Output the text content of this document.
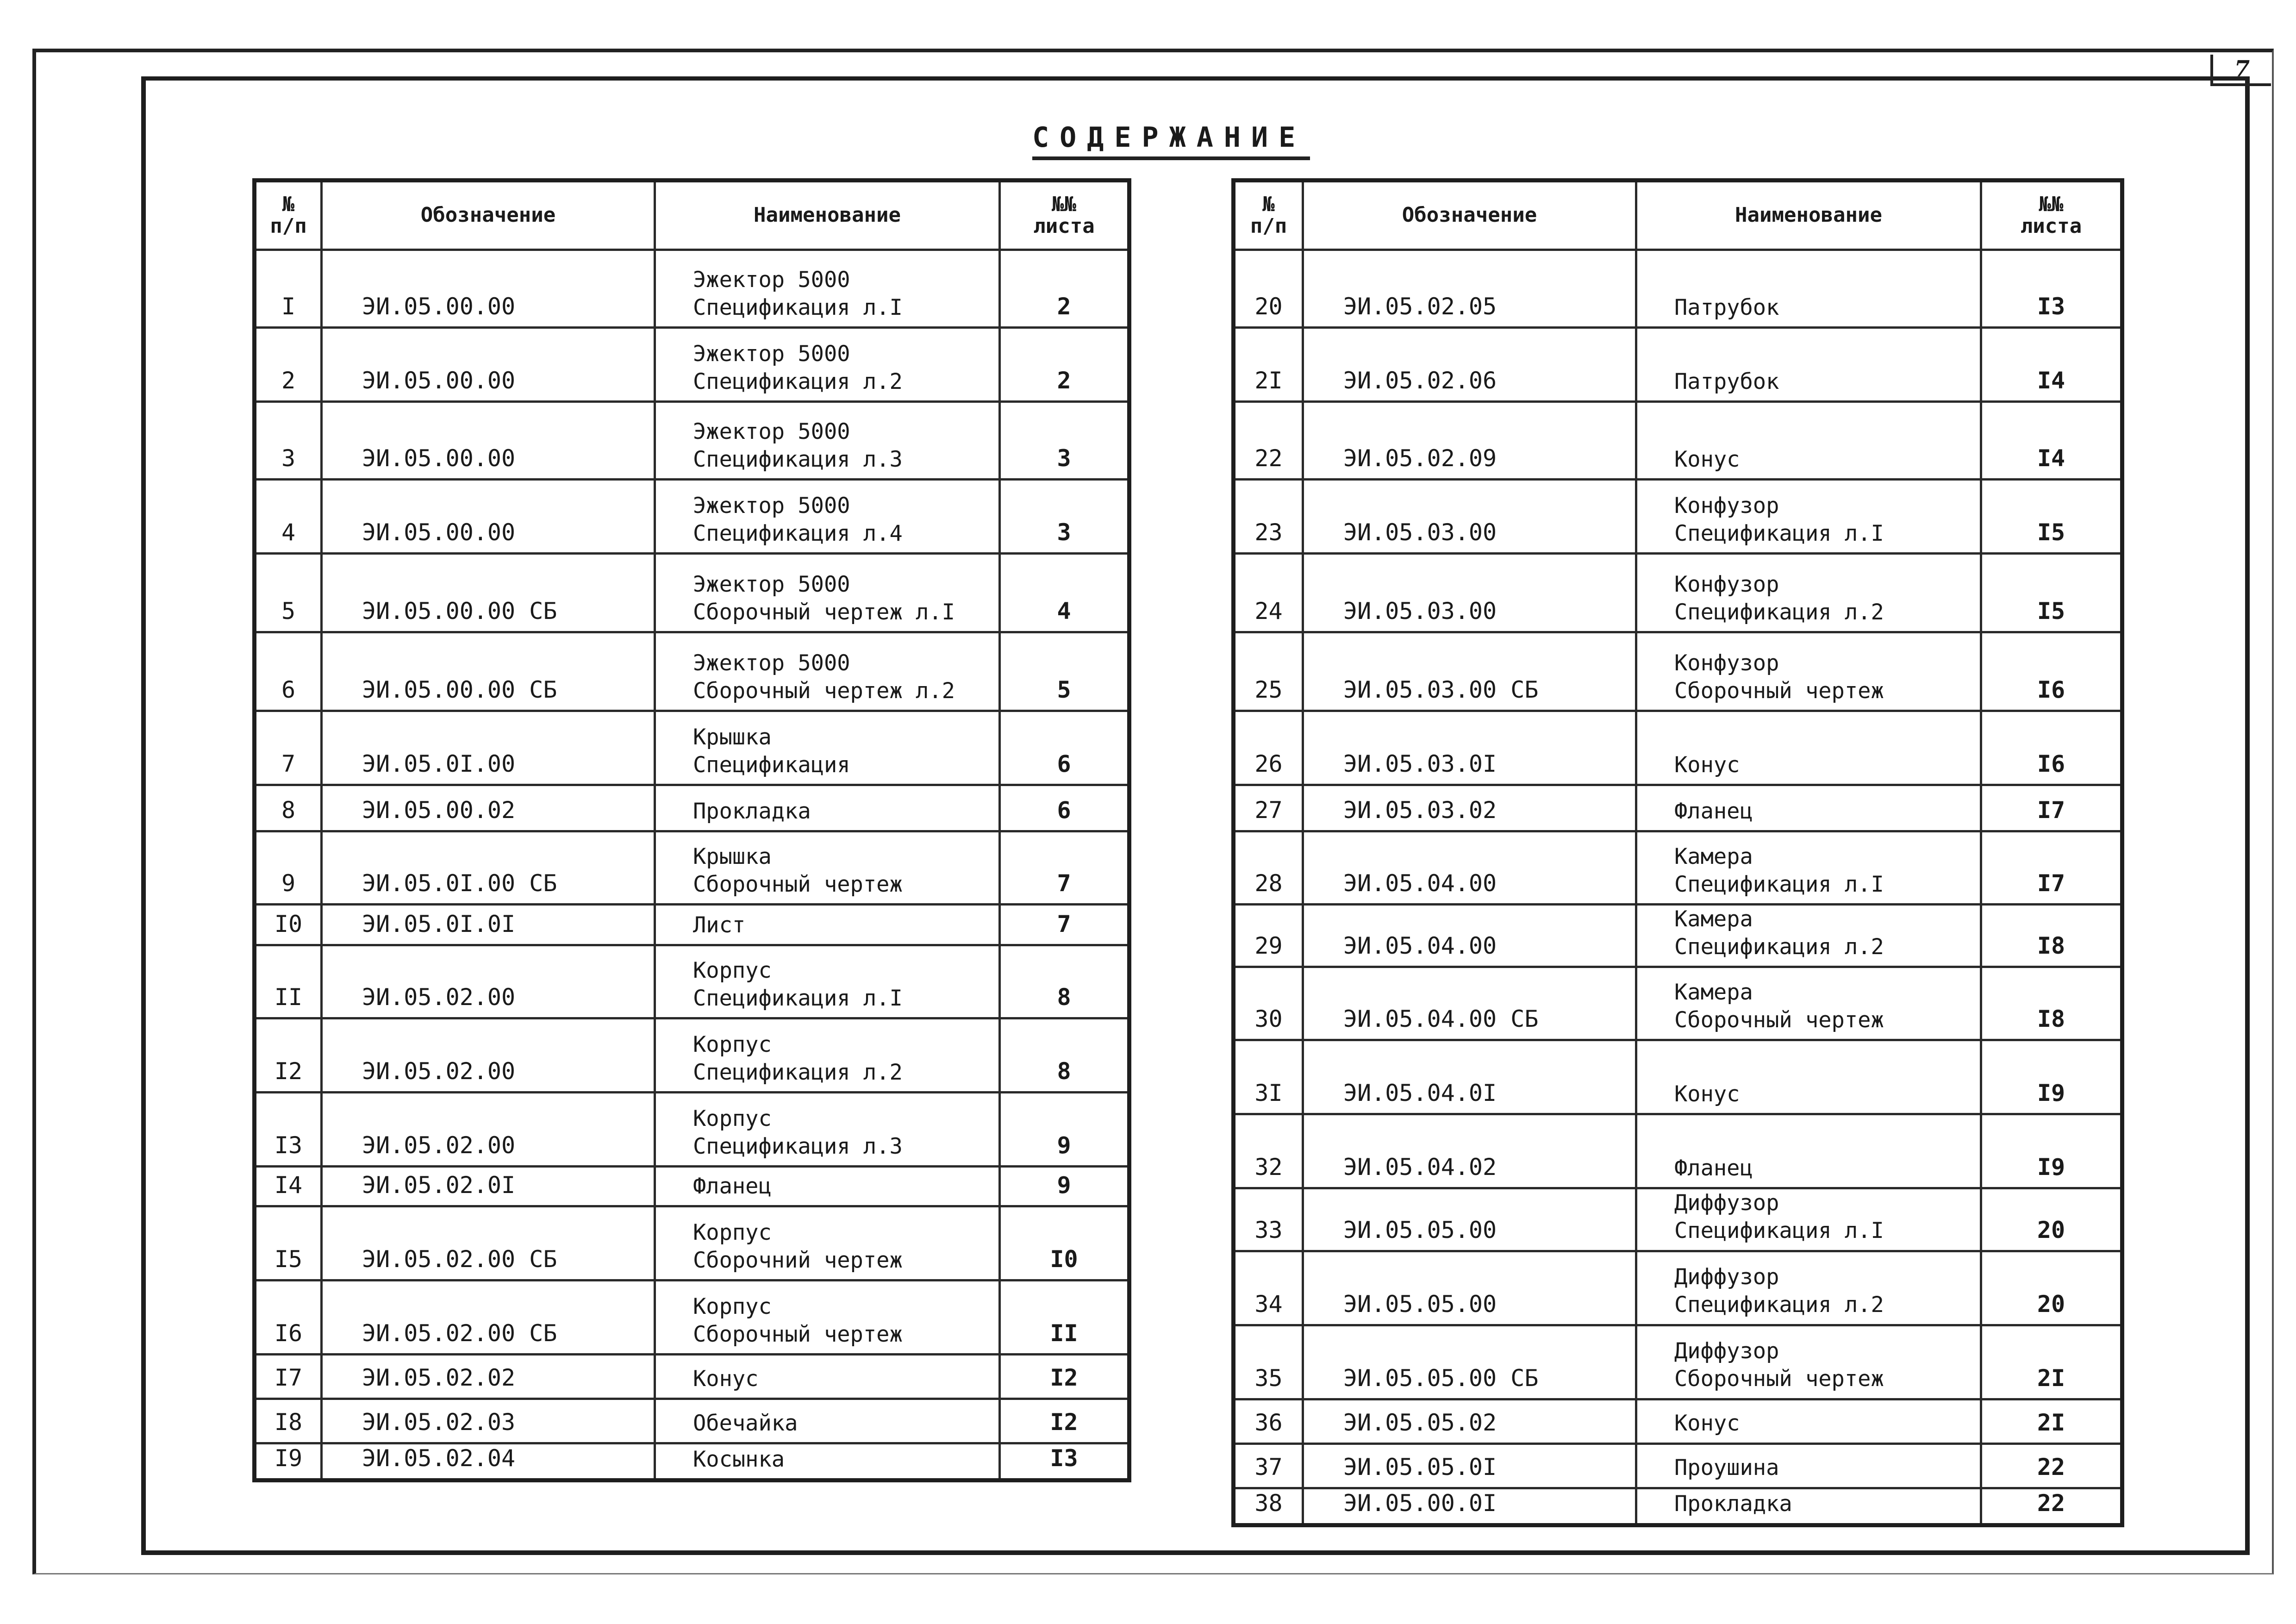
7
СОДЕРЖАНИЕ
№
п/п	Обозначение	Наименование	№№
листа

I	ЭИ.05.00.00	Эжектор 5000
Спецификация л.I	2
2	ЭИ.05.00.00	Эжектор 5000
Спецификация л.2	2
3	ЭИ.05.00.00	Эжектор 5000
Спецификация л.3	3
4	ЭИ.05.00.00	Эжектор 5000
Спецификация л.4	3
5	ЭИ.05.00.00 СБ	Эжектор 5000
Сборочный чертеж л.I	4
6	ЭИ.05.00.00 СБ	Эжектор 5000
Сборочный чертеж л.2	5
7	ЭИ.05.0I.00	Крышка
Спецификация	6
8	ЭИ.05.00.02	Прокладка	6
9	ЭИ.05.0I.00 СБ	Крышка
Сборочный чертеж	7
I0	ЭИ.05.0I.0I	Лист	7
II	ЭИ.05.02.00	Корпус
Спецификация л.I	8
I2	ЭИ.05.02.00	Корпус
Спецификация л.2	8
I3	ЭИ.05.02.00	Корпус
Спецификация л.3	9
I4	ЭИ.05.02.0I	Фланец	9
I5	ЭИ.05.02.00 СБ	Корпус
Сборочний чертеж	I0
I6	ЭИ.05.02.00 СБ	Корпус
Сборочный чертеж	II
I7	ЭИ.05.02.02	Конус	I2
I8	ЭИ.05.02.03	Обечайка	I2
I9	ЭИ.05.02.04	Косынка	I3
№
п/п	Обозначение	Наименование	№№
листа

20	ЭИ.05.02.05	Патрубок	I3
2I	ЭИ.05.02.06	Патрубок	I4
22	ЭИ.05.02.09	Конус	I4
23	ЭИ.05.03.00	Конфузор
Спецификация л.I	I5
24	ЭИ.05.03.00	Конфузор
Спецификация л.2	I5
25	ЭИ.05.03.00 СБ	Конфузор
Сборочный чертеж	I6
26	ЭИ.05.03.0I	Конус	I6
27	ЭИ.05.03.02	Фланец	I7
28	ЭИ.05.04.00	Камера
Спецификация л.I	I7
29	ЭИ.05.04.00	Камера
Спецификация л.2	I8
30	ЭИ.05.04.00 СБ	Камера
Сборочный чертеж	I8
3I	ЭИ.05.04.0I	Конус	I9
32	ЭИ.05.04.02	Фланец	I9
33	ЭИ.05.05.00	Диффузор
Спецификация л.I	20
34	ЭИ.05.05.00	Диффузор
Спецификация л.2	20
35	ЭИ.05.05.00 СБ	Диффузор
Сборочный чертеж	2I
36	ЭИ.05.05.02	Конус	2I
37	ЭИ.05.05.0I	Проушина	22
38	ЭИ.05.00.0I	Прокладка	22
